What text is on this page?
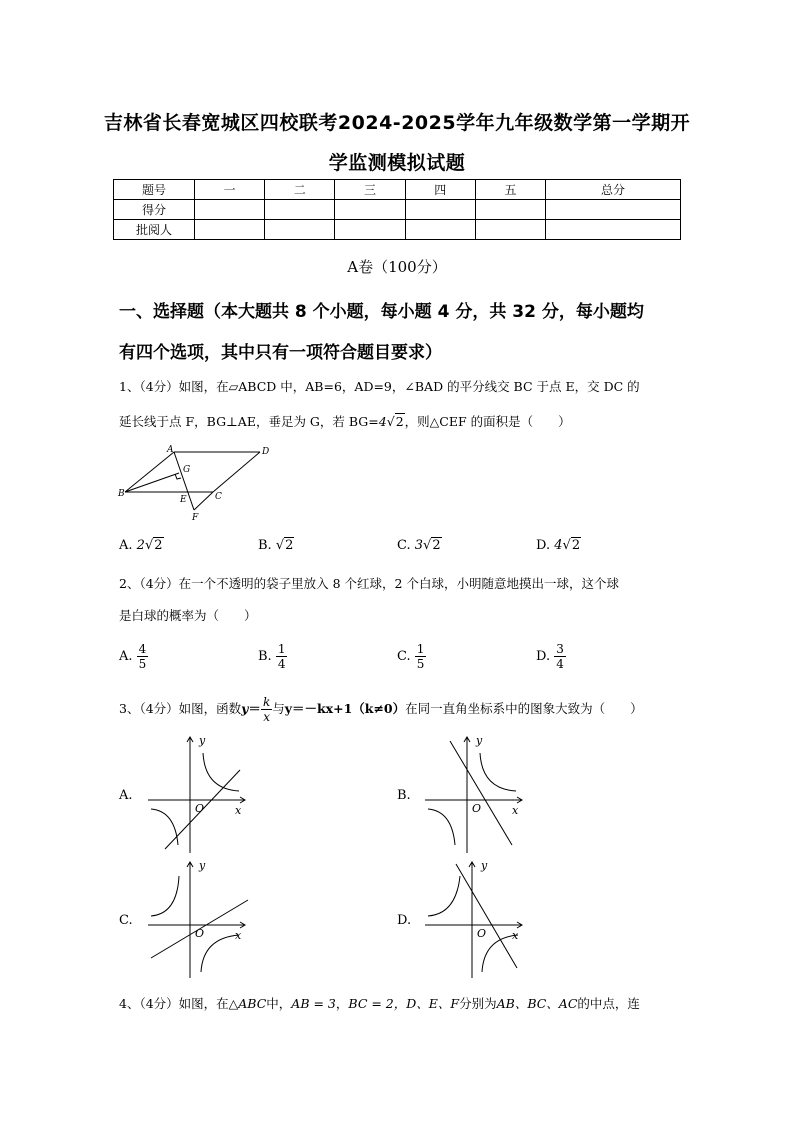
吉林省长春宽城区四校联考2024-2025学年九年级数学第一学期开
学监测模拟试题
题号	一	二	三	四	五	总分
得分						
批阅人						
A卷（100分）
一、选择题（本大题共 8 个小题，每小题 4 分，共 32 分，每小题均
有四个选项，其中只有一项符合题目要求）
1、（4分）如图，在▱ABCD 中，AB=6，AD=9，∠BAD 的平分线交 BC 于点 E，交 DC 的
延长线于点 F，BG⊥AE，垂足为 G，若 BG=4√2，则△CEF 的面积是（　　）
A	D
G
B
E	C
F
A. 2√2	B. √2	C. 3√2	D. 4√2
2、（4分）在一个不透明的袋子里放入 8 个红球，2 个白球，小明随意地摸出一球，这个球
是白球的概率为（　　）
A. $\frac{4}{5}$	B. $\frac{1}{4}$	C. $\frac{1}{5}$	D. $\frac{3}{4}$
3、（4分）如图，函数$y= \frac{k}{x}$ 与y＝－kx+1（k≠0）在同一直角坐标系中的图象大致为（　　）
A.	B.
C.	D.
y
x
O
y
x
O
y
x
O
y
x
O
4、（4分）如图，在△ABC中，AB = 3，BC = 2，D、E、F分别为AB、BC、AC的中点，连
